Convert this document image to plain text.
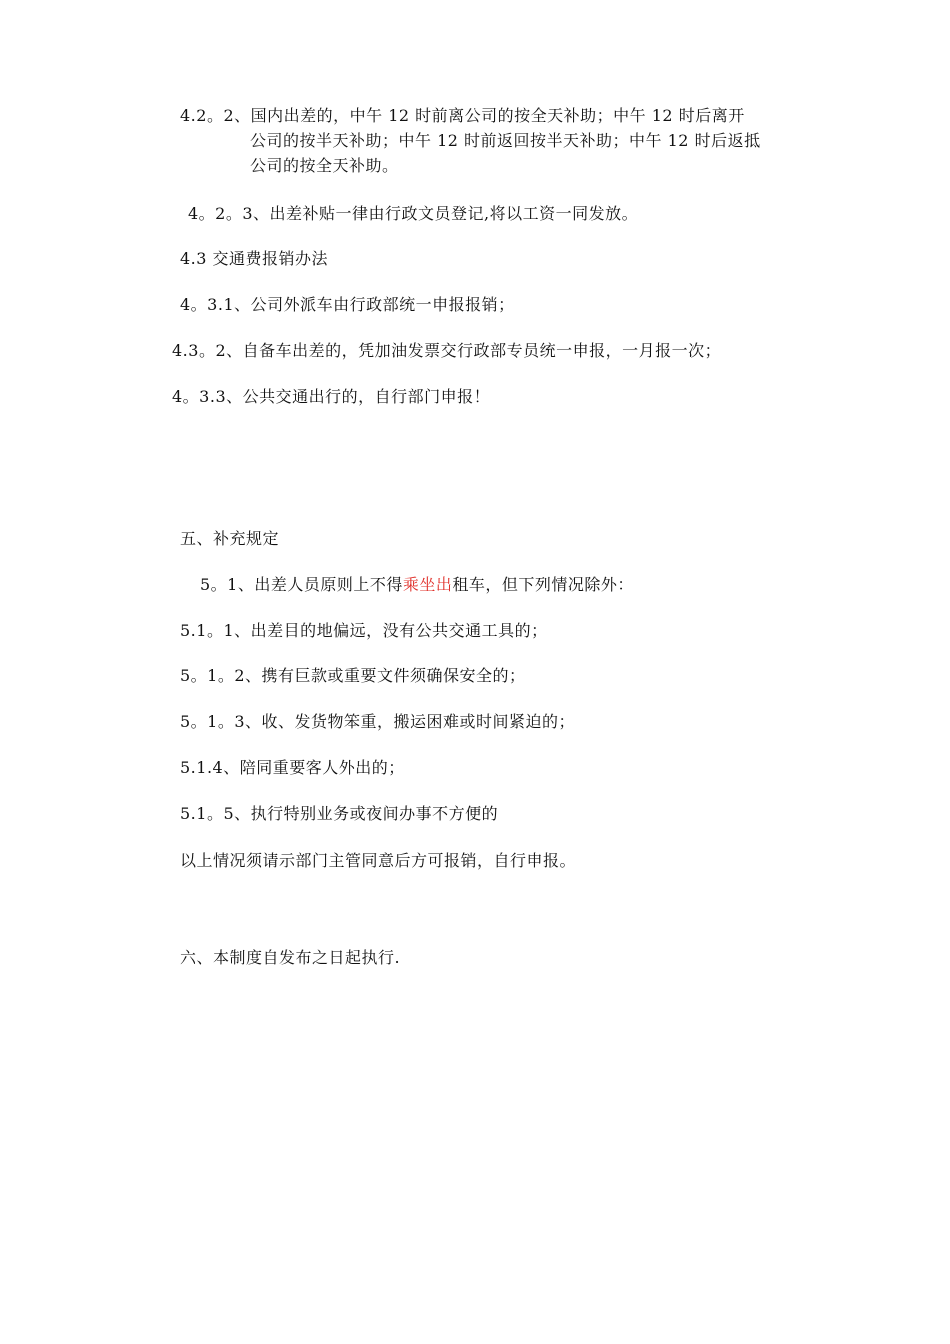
4.2。2、国内出差的，中午 12 时前离公司的按全天补助；中午 12 时后离开
公司的按半天补助；中午 12 时前返回按半天补助；中午 12 时后返抵
公司的按全天补助。
4。2。3、出差补贴一律由行政文员登记,将以工资一同发放。
4.3 交通费报销办法
4。3.1、公司外派车由行政部统一申报报销；
4.3。2、自备车出差的，凭加油发票交行政部专员统一申报，一月报一次；
4。3.3、公共交通出行的，自行部门申报！
五、补充规定
5。1、出差人员原则上不得乘坐出租车，但下列情况除外：
5.1。1、出差目的地偏远，没有公共交通工具的；
5。1。2、携有巨款或重要文件须确保安全的；
5。1。3、收、发货物笨重，搬运困难或时间紧迫的；
5.1.4、陪同重要客人外出的；
5.1。5、执行特别业务或夜间办事不方便的
以上情况须请示部门主管同意后方可报销，自行申报。
六、本制度自发布之日起执行.
